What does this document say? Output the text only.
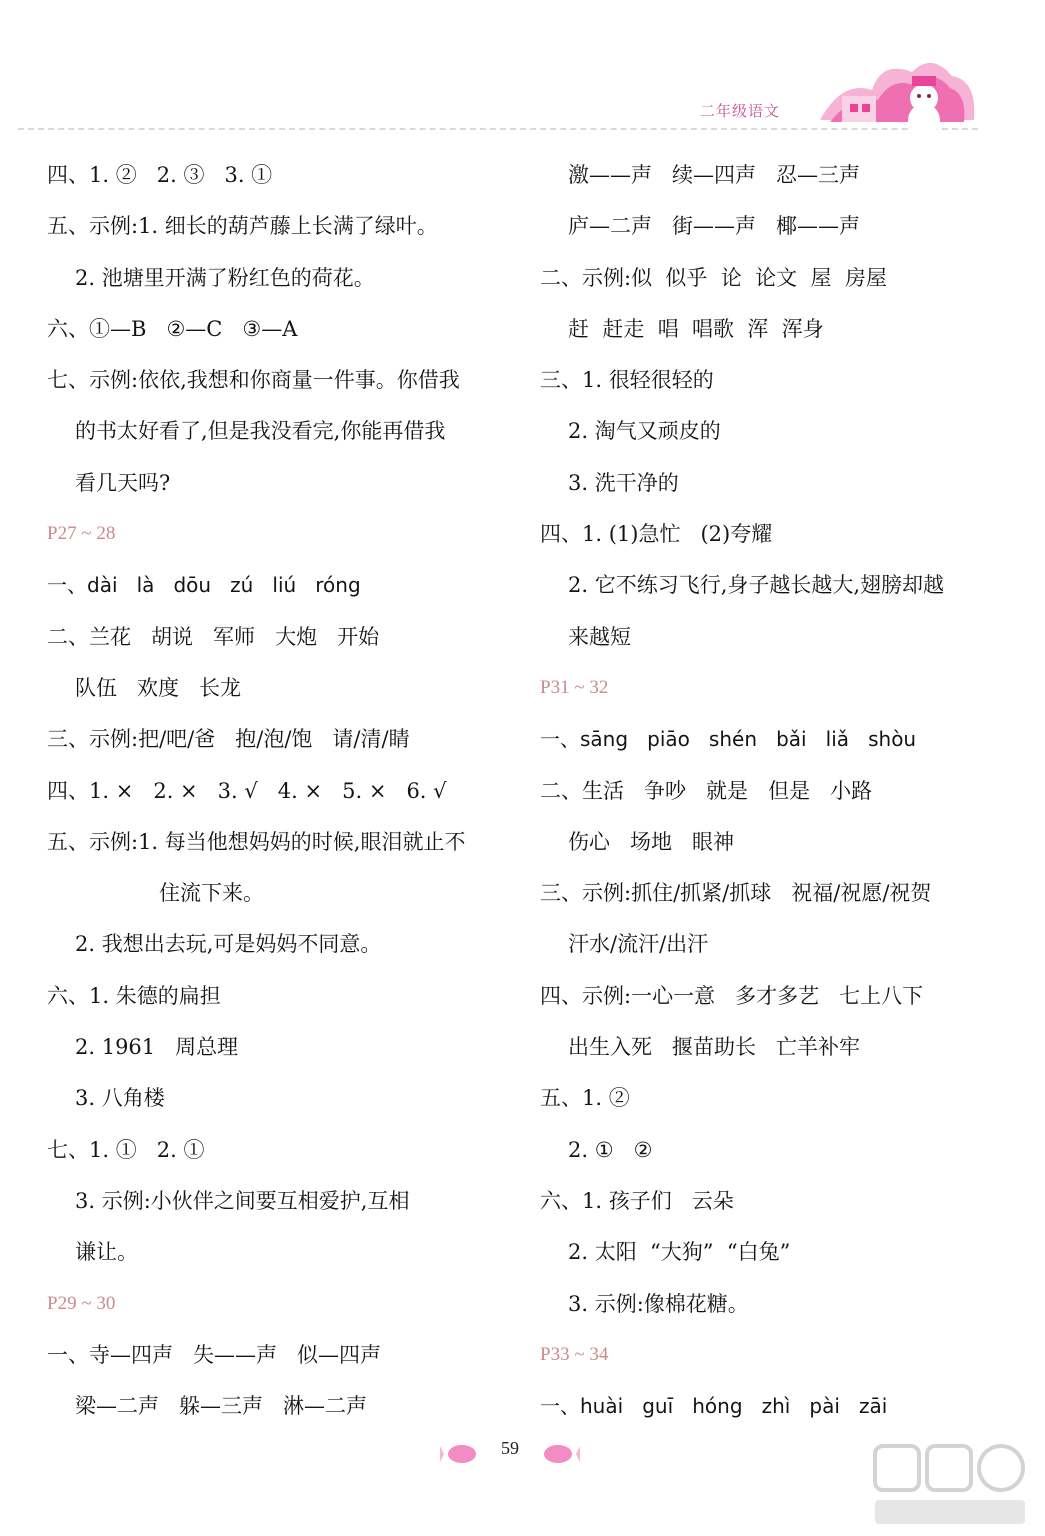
二年级语文
四、1. ②   2. ③   3. ①
五、示例:1. 细长的葫芦藤上长满了绿叶。
2. 池塘里开满了粉红色的荷花。
六、①—B   ②—C   ③—A
七、示例:依依,我想和你商量一件事。你借我
的书太好看了,但是我没看完,你能再借我
看几天吗?
P27 ~ 28
一、dài   là   dōu   zú   liú   róng
二、兰花   胡说   军师   大炮   开始
队伍   欢度   长龙
三、示例:把/吧/爸   抱/泡/饱   请/清/睛
四、1. ×   2. ×   3. √   4. ×   5. ×   6. √
五、示例:1. 每当他想妈妈的时候,眼泪就止不
住流下来。
2. 我想出去玩,可是妈妈不同意。
六、1. 朱德的扁担
2. 1961   周总理
3. 八角楼
七、1. ①   2. ①
3. 示例:小伙伴之间要互相爱护,互相
谦让。
P29 ~ 30
一、寺—四声   失——声   似—四声
梁—二声   躲—三声   淋—二声
激——声   续—四声   忍—三声
庐—二声   街——声   椰——声
二、示例:似  似乎  论  论文  屋  房屋
赶  赶走  唱  唱歌  浑  浑身
三、1. 很轻很轻的
2. 淘气又顽皮的
3. 洗干净的
四、1. (1)急忙   (2)夸耀
2. 它不练习飞行,身子越长越大,翅膀却越
来越短
P31 ~ 32
一、sāng   piāo   shén   bǎi   liǎ   shòu
二、生活   争吵   就是   但是   小路
伤心   场地   眼神
三、示例:抓住/抓紧/抓球   祝福/祝愿/祝贺
汗水/流汗/出汗
四、示例:一心一意   多才多艺   七上八下
出生入死   揠苗助长   亡羊补牢
五、1. ②
2. ①   ②
六、1. 孩子们   云朵
2. 太阳  “大狗”  “白兔”
3. 示例:像棉花糖。
P33 ~ 34
一、huài   guī   hóng   zhì   pài   zāi
59
